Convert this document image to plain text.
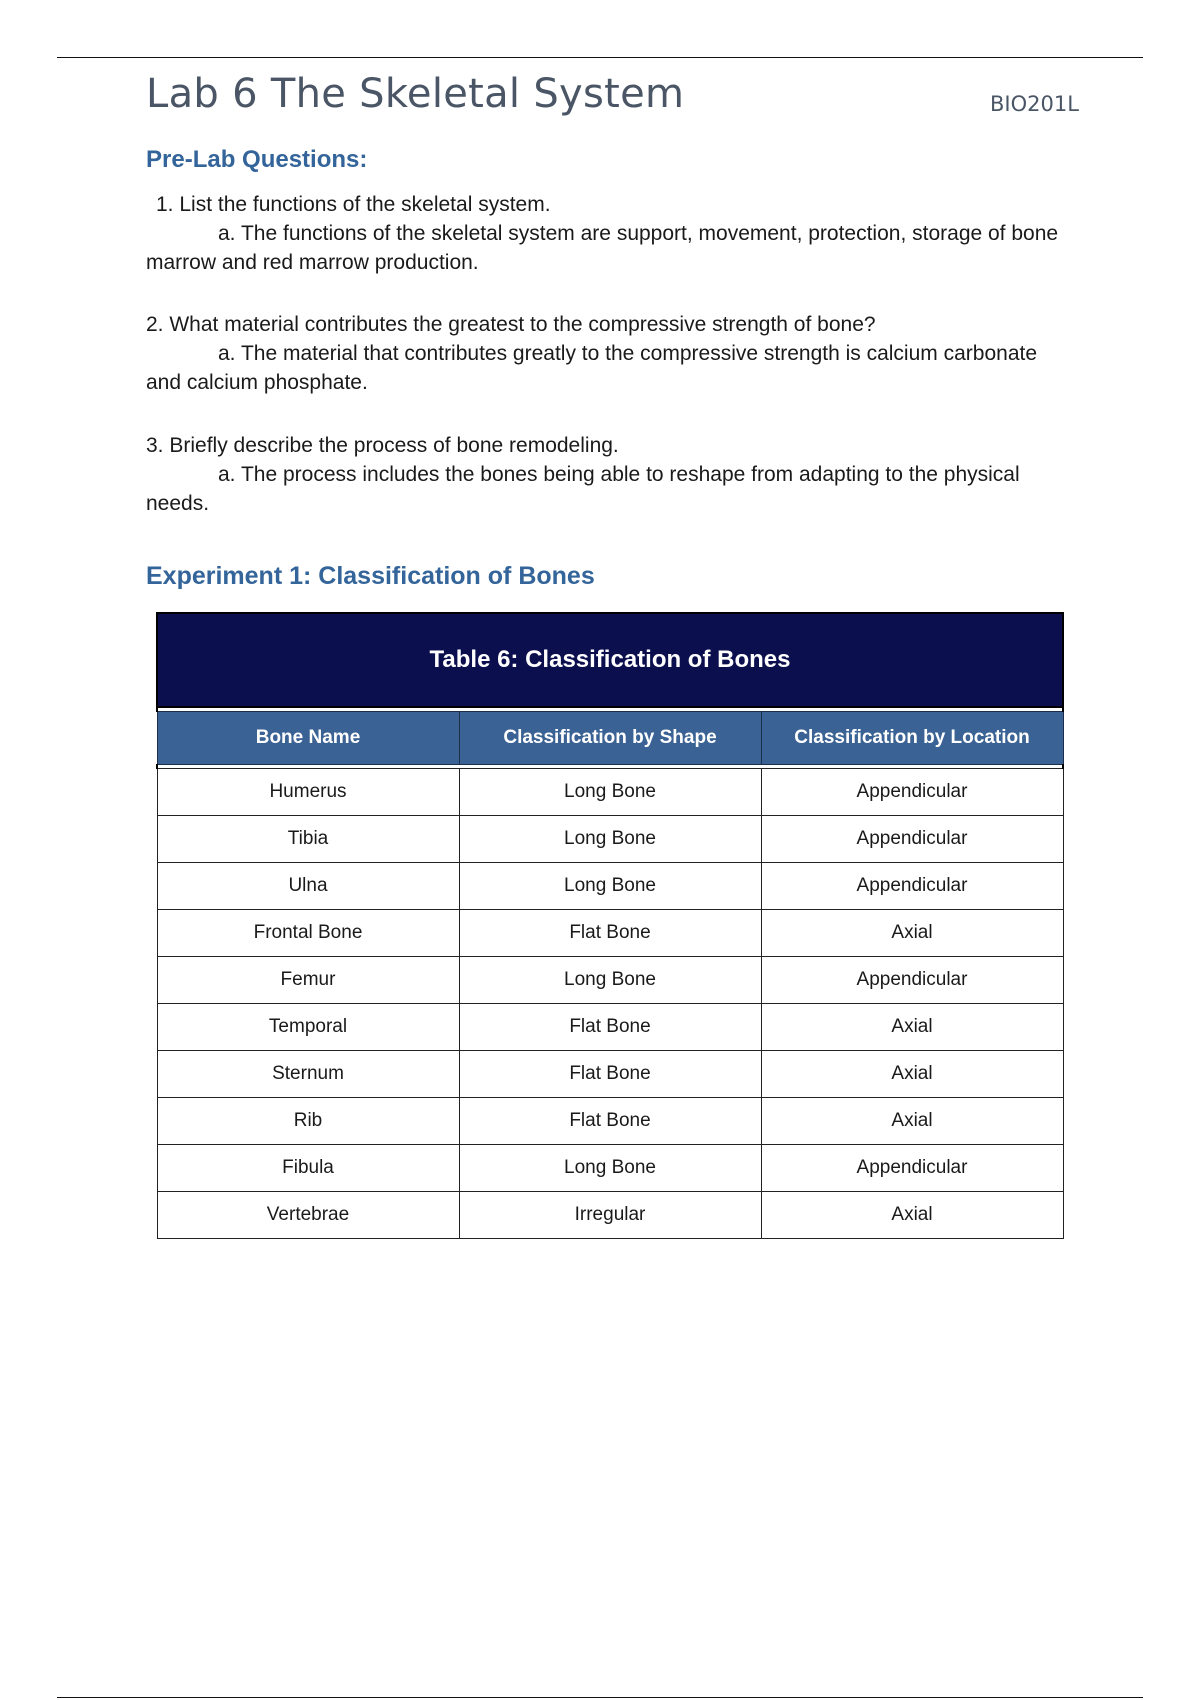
Lab 6 The Skeletal System	BIO201L
Pre-Lab Questions:
1. List the functions of the skeletal system.
a. The functions of the skeletal system are support, movement, protection, storage of bone marrow and red marrow production.
2. What material contributes the greatest to the compressive strength of bone?
a. The material that contributes greatly to the compressive strength is calcium carbonate and calcium phosphate.
3. Briefly describe the process of bone remodeling.
a. The process includes the bones being able to reshape from adapting to the physical needs.
Experiment 1: Classification of Bones
Table 6: Classification of Bones		

Bone Name	Classification by Shape	Classification by Location

Humerus	Long Bone	Appendicular
Tibia	Long Bone	Appendicular
Ulna	Long Bone	Appendicular
Frontal Bone	Flat Bone	Axial
Femur	Long Bone	Appendicular
Temporal	Flat Bone	Axial
Sternum	Flat Bone	Axial
Rib	Flat Bone	Axial
Fibula	Long Bone	Appendicular
Vertebrae	Irregular	Axial
